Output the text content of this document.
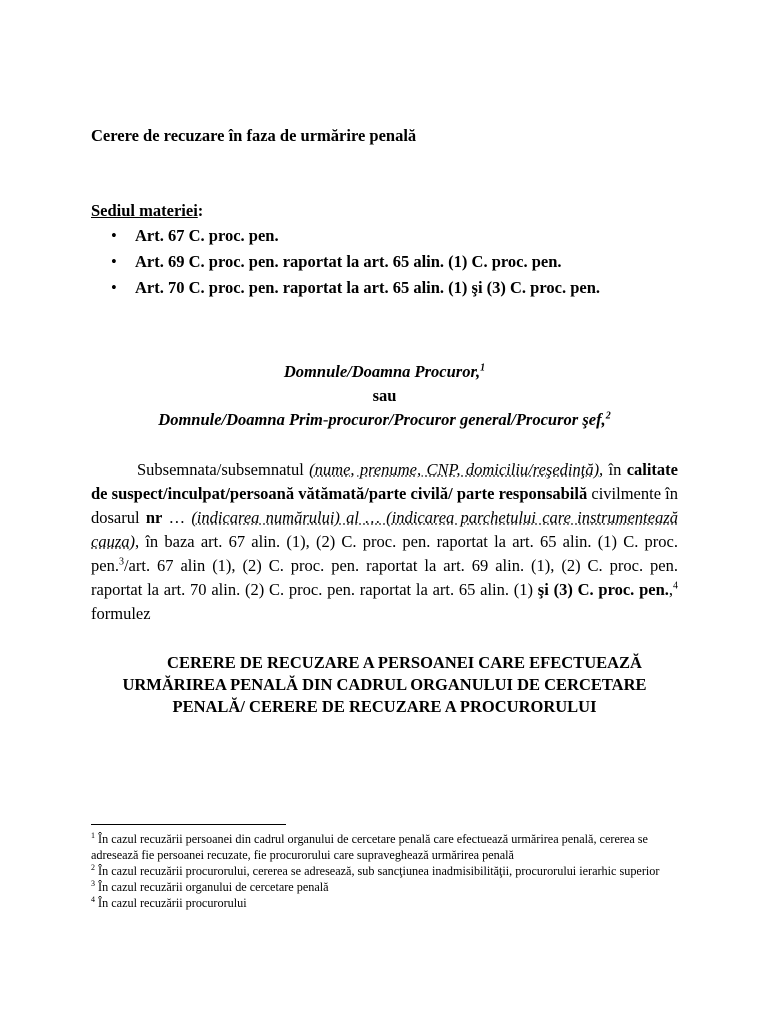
Cerere de recuzare în faza de urmărire penală
Sediul materiei:
• Art. 67 C. proc. pen.
• Art. 69 C. proc. pen. raportat la art. 65 alin. (1) C. proc. pen.
• Art. 70 C. proc. pen. raportat la art. 65 alin. (1) şi (3) C. proc. pen.
Domnule/Doamna Procuror,$^1$
sau
Domnule/Doamna Prim-procuror/Procuror general/Procuror şef,$^2$
Subsemnata/subsemnatul (nume, prenume, CNP, domiciliu/reşedinţă), în calitate de suspect/inculpat/persoană vătămată/parte civilă/ parte responsabilă civilmente în dosarul nr … (indicarea numărului) al … (indicarea parchetului care instrumentează cauza), în baza art. 67 alin. (1), (2) C. proc. pen. raportat la art. 65 alin. (1) C. proc. pen.$^3$/art. 67 alin (1), (2) C. proc. pen. raportat la art. 69 alin. (1), (2) C. proc. pen. raportat la art. 70 alin. (2) C. proc. pen. raportat la art. 65 alin. (1) şi (3) C. proc. pen.,$^4$ formulez
CERERE DE RECUZARE A PERSOANEI CARE EFECTUEAZĂ
URMĂRIREA PENALĂ DIN CADRUL ORGANULUI DE CERCETARE
PENALĂ/ CERERE DE RECUZARE A PROCURORULUI

$^1$ În cazul recuzării persoanei din cadrul organului de cercetare penală care efectuează urmărirea penală, cererea se adresează fie persoanei recuzate, fie procurorului care supraveghează urmărirea penală

$^2$ În cazul recuzării procurorului, cererea se adresează, sub sancţiunea inadmisibilităţii, procurorului ierarhic superior

$^3$ În cazul recuzării organului de cercetare penală

$^4$ În cazul recuzării procurorului
